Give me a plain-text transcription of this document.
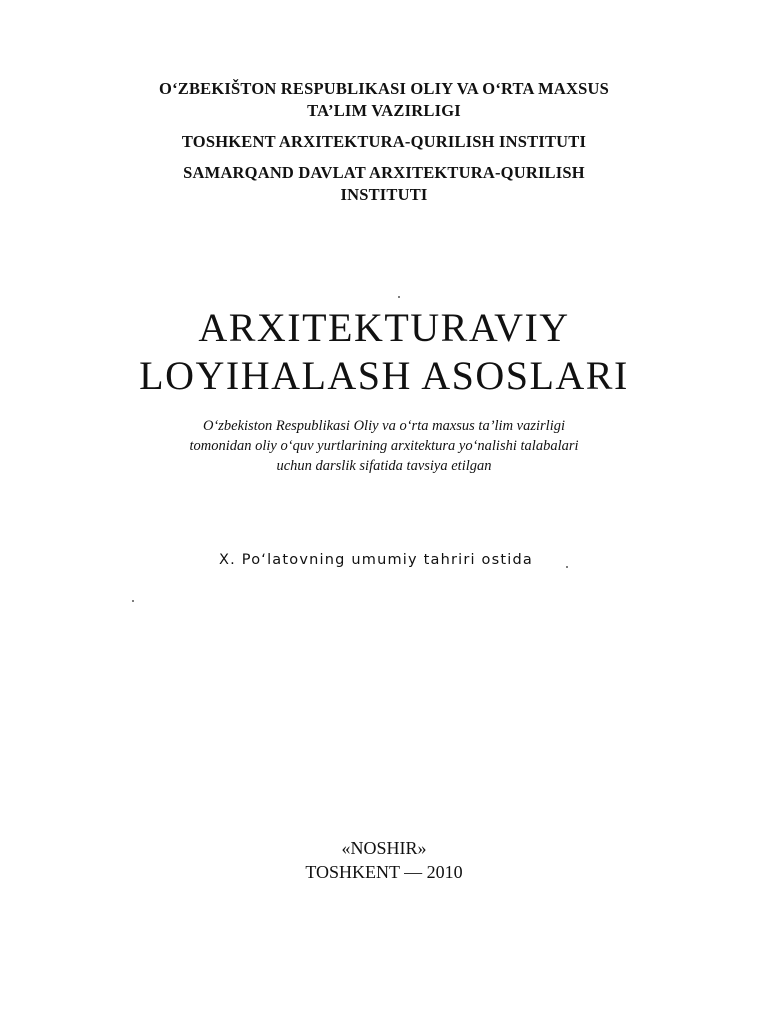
O‘ZBEKIŠTON RESPUBLIKASI OLIY VA O‘RTA MAXSUS
TA’LIM VAZIRLIGI
TOSHKENT ARXITEKTURA-QURILISH INSTITUTI
SAMARQAND DAVLAT ARXITEKTURA-QURILISH
INSTITUTI
ARXITEKTURAVIY
LOYIHALASH ASOSLARI
O‘zbekiston Respublikasi Oliy va o‘rta maxsus ta’lim vazirligi
tomonidan oliy o‘quv yurtlarining arxitektura yo‘nalishi talabalari
uchun darslik sifatida tavsiya etilgan
X. Po‘latovning umumiy tahriri ostida
«NOSHIR»
TOSHKENT — 2010
